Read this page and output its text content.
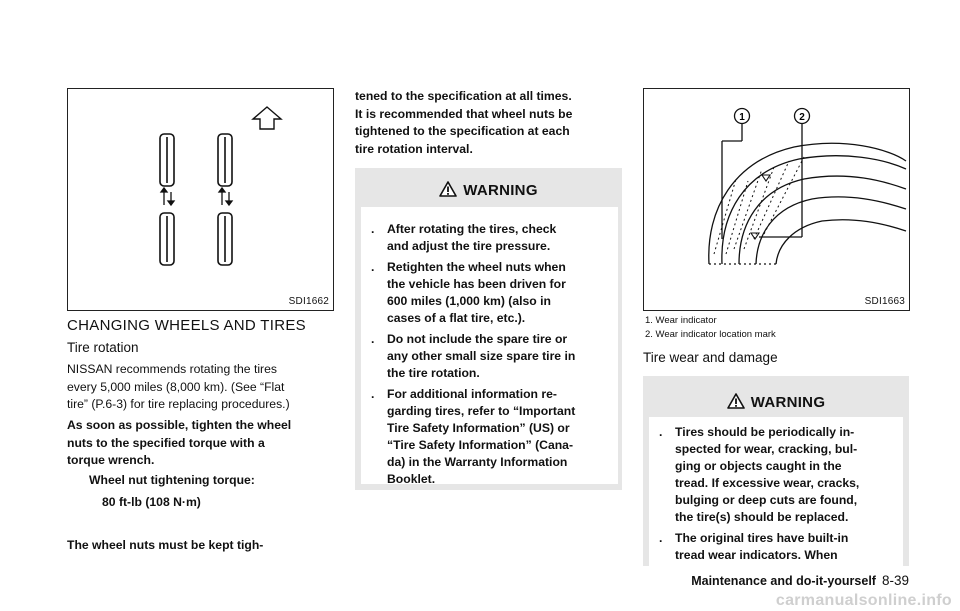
SDI1662
CHANGING WHEELS AND TIRES
Tire rotation
NISSAN recommends rotating the tires
every 5,000 miles (8,000 km). (See “Flat
tire” (P.6-3) for tire replacing procedures.)
As soon as possible, tighten the wheel
nuts to the specified torque with a
torque wrench.
Wheel nut tightening torque:
80 ft-lb (108 N·m)
The wheel nuts must be kept tigh-
tened to the specification at all times.
It is recommended that wheel nuts be
tightened to the specification at each
tire rotation interval.
WARNING
. After rotating the tires, check
and adjust the tire pressure.
. Retighten the wheel nuts when
the vehicle has been driven for
600 miles (1,000 km) (also in
cases of a flat tire, etc.).
. Do not include the spare tire or
any other small size spare tire in
the tire rotation.
. For additional information re-
garding tires, refer to “Important
Tire Safety Information” (US) or
“Tire Safety Information” (Cana-
da) in the Warranty Information
Booklet.
1	2
SDI1663
1. Wear indicator
2. Wear indicator location mark
Tire wear and damage
WARNING
. Tires should be periodically in-
spected for wear, cracking, bul-
ging or objects caught in the
tread. If excessive wear, cracks,
bulging or deep cuts are found,
the tire(s) should be replaced.
. The original tires have built-in
tread wear indicators. When
Maintenance and do-it-yourself 8-39
carmanualsonline.info
